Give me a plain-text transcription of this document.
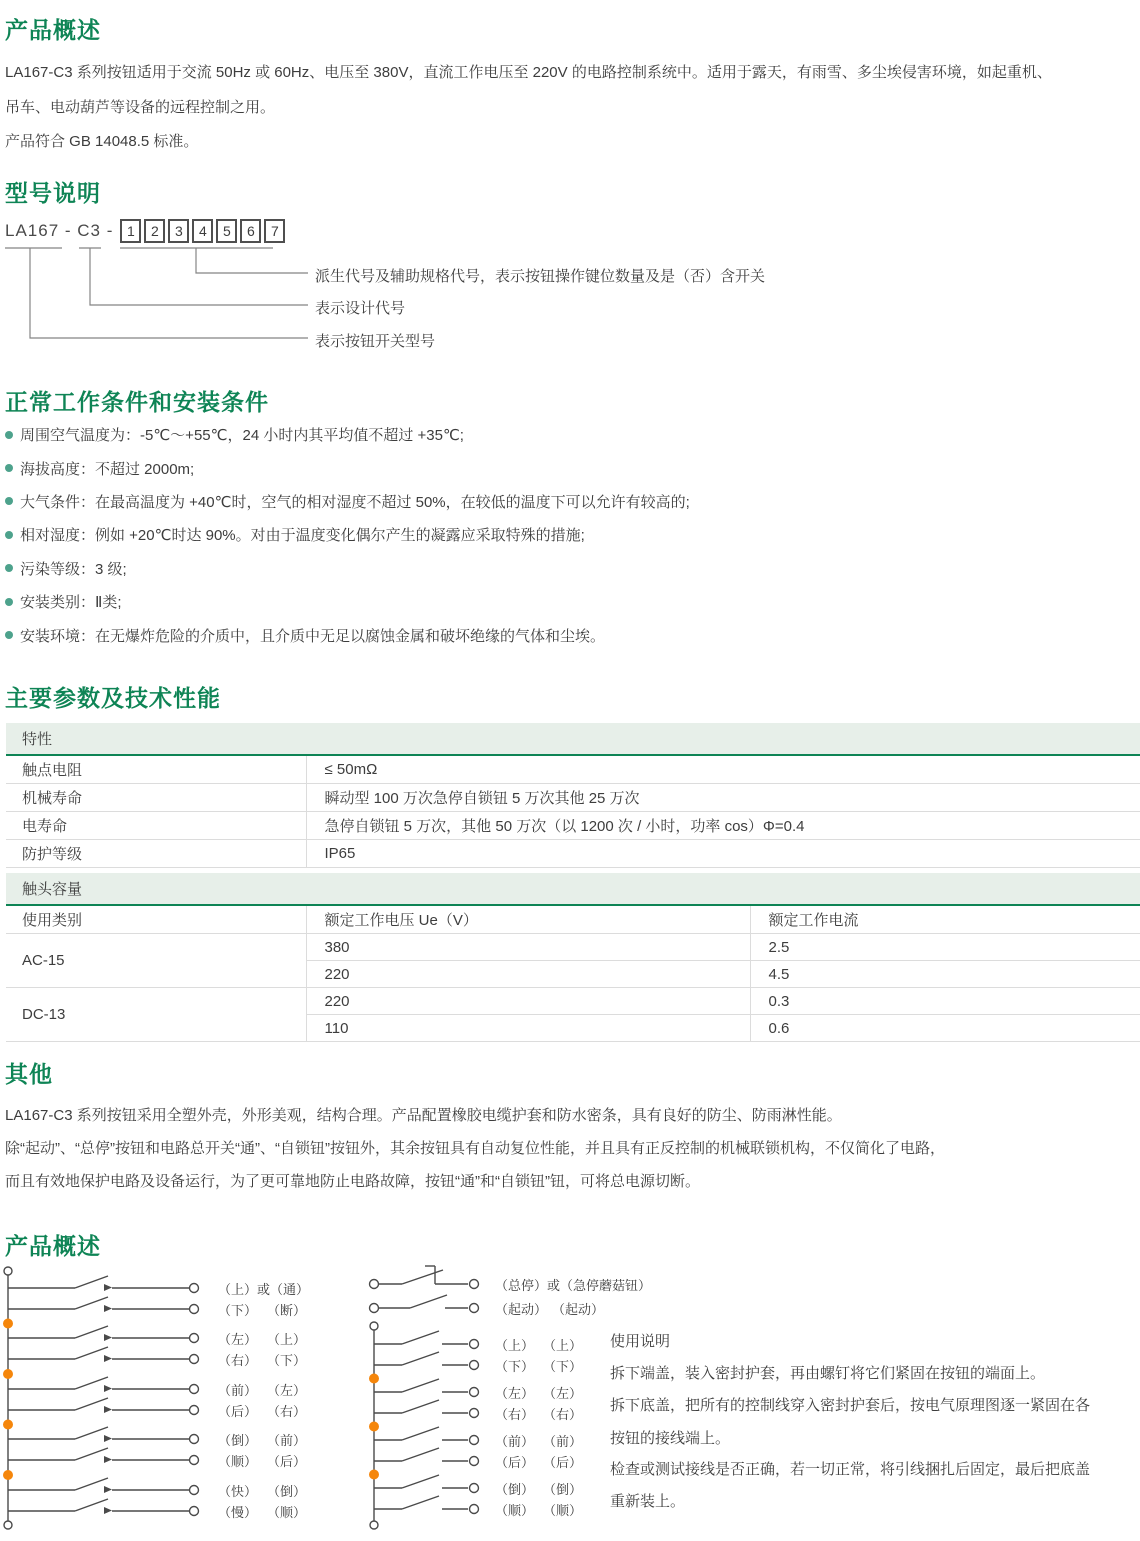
产品概述
LA167-C3 系列按钮适用于交流 50Hz 或 60Hz、电压至 380V，直流工作电压至 220V 的电路控制系统中。适用于露天，有雨雪、多尘埃侵害环境，如起重机、
吊车、电动葫芦等设备的远程控制之用。
产品符合 GB 14048.5 标准。
型号说明
LA167 - C3 - 1	2	3	4	5	6	7
派生代号及辅助规格代号，表示按钮操作键位数量及是（否）含开关
表示设计代号
表示按钮开关型号
正常工作条件和安装条件
周围空气温度为：-5℃～+55℃，24 小时内其平均值不超过 +35℃;
海拔高度：不超过 2000m;
大气条件：在最高温度为 +40℃时，空气的相对湿度不超过 50%，在较低的温度下可以允许有较高的;
相对湿度：例如 +20℃时达 90%。对由于温度变化偶尔产生的凝露应采取特殊的措施;
污染等级：3 级;
安装类别：Ⅱ类;
安装环境：在无爆炸危险的介质中，且介质中无足以腐蚀金属和破坏绝缘的气体和尘埃。
主要参数及技术性能
特性	
触点电阻	≤ 50mΩ
机械寿命	瞬动型 100 万次急停自锁钮 5 万次其他 25 万次
电寿命	急停自锁钮 5 万次，其他 50 万次（以 1200 次 / 小时，功率 cos）Φ=0.4
防护等级	IP65
触头容量		
使用类别	额定工作电压 Ue（V）	额定工作电流
AC-15	380	2.5
	220	4.5
DC-13	220	0.3
	110	0.6
其他
LA167-C3 系列按钮采用全塑外壳，外形美观，结构合理。产品配置橡胶电缆护套和防水密条，具有良好的防尘、防雨淋性能。
除“起动”、“总停”按钮和电路总开关“通”、“自锁钮”按钮外，其余按钮具有自动复位性能，并且具有正反控制的机械联锁机构，不仅简化了电路，
而且有效地保护电路及设备运行，为了更可靠地防止电路故障，按钮“通”和“自锁钮”钮，可将总电源切断。
产品概述
（上）或（通）
（下） （断）
（左） （上）
（右） （下）
（前） （左）
（后） （右）
（倒） （前）
（顺） （后）
（快） （倒）
（慢） （顺）
（总停）或（急停蘑菇钮）
（起动） （起动）
（上） （上）
（下） （下）
（左） （左）
（右） （右）
（前） （前）
（后） （后）
（倒） （倒）
（顺） （顺）
使用说明
拆下端盖，装入密封护套，再由螺钉将它们紧固在按钮的端面上。
拆下底盖，把所有的控制线穿入密封护套后，按电气原理图逐一紧固在各
按钮的接线端上。
检查或测试接线是否正确，若一切正常，将引线捆扎后固定，最后把底盖
重新装上。
